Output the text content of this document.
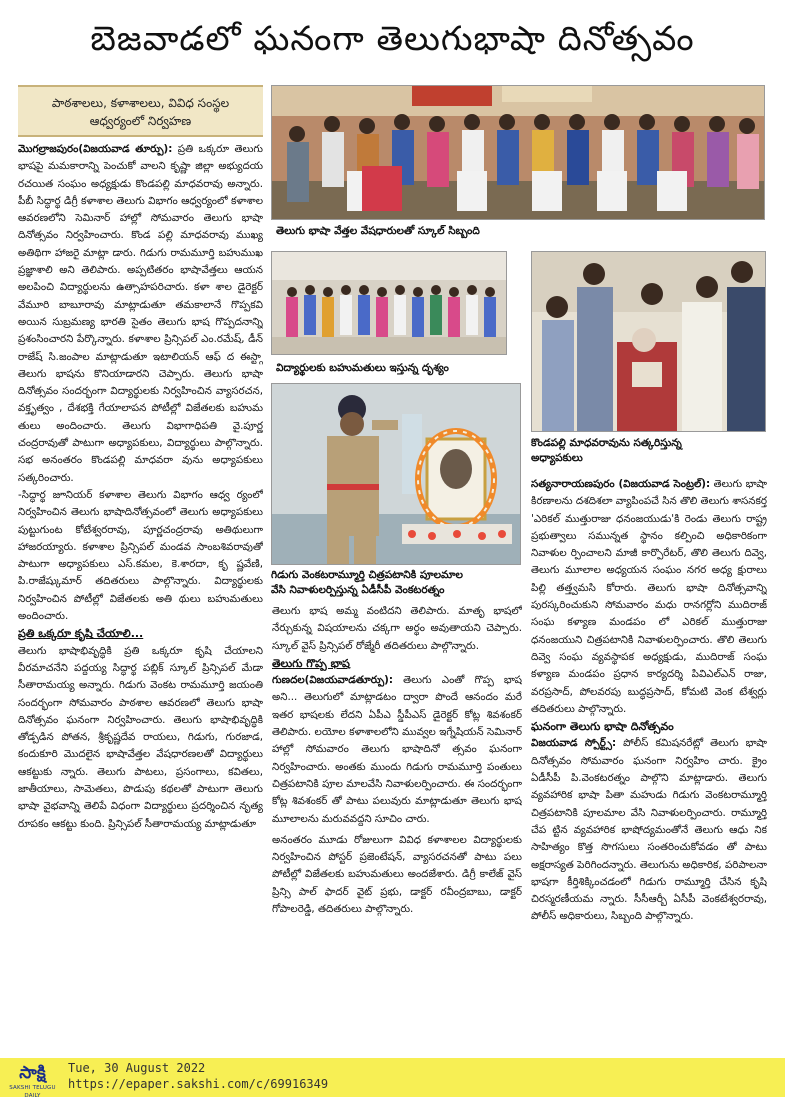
బెజవాడలో ఘనంగా తెలుగుభాషా దినోత్సవం
పాఠశాలలు, కళాశాలలు, వివిధ సంస్థల
ఆధ్వర్యంలో నిర్వహణ

మొగల్రాజపురం(విజయవాడ తూర్పు): ప్రతి ఒక్కరూ తెలుగు భాషపై మమకారాన్ని పెంచుకో వాలని కృష్ణా జిల్లా అభ్యుదయ రచయిత సంఘం అధ్యక్షుడు కొండపల్లి మాధవరావు అన్నారు. పీబీ సిద్ధార్థ డిగ్రీ కళాశాల తెలుగు విభాగం ఆధ్వర్యంలో కళాశాల ఆవరణలోని సెమినార్ హాల్లో సోమవారం తెలుగు భాషా దినోత్సవం నిర్వహించారు. కొండ పల్లి మాధవరావు ముఖ్య అతిథిగా హాజరై మాట్లా డారు. గిడుగు రామమూర్తి బహుముఖ ప్రజ్ఞాశాలి అని తెలిపారు. అప్పటితరం భాషావేత్తలు ఆయన అలపించి విద్యార్థులను ఉత్సాహపరిచారు. కళా శాల డైరెక్టర్ వేమూరి బాబూరావు మాట్లాడుతూ తమకాలానే గొప్పకవి అయిన సుబ్రమణ్య భారతి సైతం తెలుగు భాష గొప్పదనాన్ని ప్రశంసించారని పేర్కొన్నారు. కళాశాల ప్రిన్సిపల్ ఎం.రమేష్, డీన్ రాజేష్ సి.జంపాల మాట్లాడుతూ ఇటాలియన్ ఆఫ్ ద ఈస్ట్గా తెలుగు భాషను కొనియాడారని చెప్పారు. తెలుగు భాషా దినోత్సవం సందర్భంగా విద్యార్థులకు నిర్వహించిన వ్యాసరచన, వక్తృత్వం , దేశభక్తి గేయాలాపన పోటీల్లో విజేతలకు బహుమ తులు అందించారు. తెలుగు విభాగాధిపతి వై.పూర్ణ చంద్రరావుతో పాటుగా అధ్యాపకులు, విద్యార్థులు పాల్గొన్నారు. సభ అనంతరం కొండపల్లి మాధవరా వును అధ్యాపకులు సత్కరించారు.

-సిద్ధార్థ జూనియర్ కళాశాల తెలుగు విభాగం ఆధ్వ ర్యంలో నిర్వహించిన తెలుగు భాషాదినోత్సవంలో తెలుగు అధ్యాపకులు పుట్టుగుంట కోటేశ్వరరావు, పూర్ణచంద్రరావు అతిథులుగా హాజరయ్యారు. కళాశాల ప్రిన్సిపల్ మండవ సాంబశివరావుతో పాటుగా అధ్యాపకులు ఎస్.కమల, కె.శారదా, కృ ష్ణవేణి, పి.రాజేష్కుమార్ తదితరులు పాల్గొన్నారు. విద్యార్థులకు నిర్వహించిన పోటీల్లో విజేతలకు అతి థులు బహుమతులు అందించారు.

ప్రతి ఒక్కరూ కృషి చేయాలి...

తెలుగు భాషాభివృద్ధికి ప్రతి ఒక్కరూ కృషి చేయాలని వీరమాచనేని పద్దయ్య సిద్ధార్థ పబ్లిక్ స్కూల్ ప్రిన్సిపల్ మేడా సీతారామయ్య అన్నారు. గిడుగు వెంకట రామమూర్తి జయంతి సందర్భంగా సోమవారం పాఠశాల ఆవరణలో తెలుగు భాషా దినోత్సవం ఘనంగా నిర్వహించారు. తెలుగు భాషాభివృద్ధికి తోడ్పడిన పోతన, శ్రీకృష్ణదేవ రాయలు, గిడుగు, గురజాడ, కందుకూరి మొదలైన భాషావేత్తల వేషధారణలతో విద్యార్థులు ఆకట్టుకు న్నారు. తెలుగు పాటలు, ప్రసంగాలు, కవితలు, జాతీయాలు, సామెతలు, పొడుపు కథలతో పాటుగా తెలుగు భాషా వైభవాన్ని తెలిపే విధంగా విద్యార్థులు ప్రదర్శించిన నృత్య రూపకం ఆకట్టు కుంది. ప్రిన్సిపల్ సీతారామయ్య మాట్లాడుతూ

తెలుగు భాషా వేత్తల వేషధారులతో స్కూల్ సిబ్బంది
విద్యార్థులకు బహుమతులు ఇస్తున్న దృశ్యం
కొండపల్లి మాధవరావును సత్కరిస్తున్న
అధ్యాపకులు
గిడుగు వెంకటరామ్మూర్తి చిత్రపటానికి పూలమాల
వేసి నివాళులర్పిస్తున్న ఏడీసీపీ వెంకటరత్నం

తెలుగు భాష అమ్మ వంటిదని తెలిపారు. మాతృ భాషలో నేర్చుకున్న విషయాలను చక్కగా అర్థం అవుతాయని చెప్పారు. స్కూల్ వైస్ ప్రిన్సిపల్ రోజ్మేరీ తదితరులు పాల్గొన్నారు.

తెలుగు గొప్ప భాష

గుణదల(విజయవాడతూర్పు): తెలుగు ఎంతో గొప్ప భాష అని... తెలుగులో మాట్లాడటం ద్వారా పొందే ఆనందం మరే ఇతర భాషలకు లేదని ఏపీఎ స్డీపీఎస్ డైరెక్టర్ కోట్ల శివశంకర్ తెలిపారు. లయోల కళాశాలలోని మువ్వల ఇగ్నేషియన్ సెమినార్ హాల్లో సోమవారం తెలుగు భాషాదినో త్సవం ఘనంగా నిర్వహించారు. అంతకు ముందు గిడుగు రామమూర్తి పంతులు చిత్రపటానికి పూల మాలవేసి నివాళులర్పించారు. ఈ సందర్భంగా కోట్ల శివశంకర్ తో పాటు పలువురు మాట్లాడుతూ తెలుగు భాష మూలాలను మరువవద్దని సూచిం చారు.

అనంతరం మూడు రోజులుగా వివిధ కళాశాలల విద్యార్థులకు నిర్వహించిన పోస్టర్ ప్రజెంటేషన్, వ్యాసరచనతో పాటు పలు పోటీల్లో విజేతలకు బహుమతులు అందజేశారు. డిగ్రీ కాలేజ్ వైస్ ప్రిన్సి పాల్ ఫాదర్ వైట్ ప్రభు, డాక్టర్ రవీంద్రబాబు, డాక్టర్ గోపాలరెడ్డి, తదితరులు పాల్గొన్నారు.

సత్యనారాయణపురం (విజయవాడ సెంట్రల్): తెలుగు భాషా కిరణాలను దశదిశలా వ్యాపింపచే సిన తొలి తెలుగు శాసనకర్త 'ఎరికల్ ముత్తురాజు ధనంజయుడు'కి రెండు తెలుగు రాష్ట్ర ప్రభుత్వాలు సమున్నత స్థానం కల్పించి అధికారికంగా నివాళుల ర్పించాలని మాజీ కార్పొరేటర్, తొలి తెలుగు దివ్వె, తెలుగు మూలాల అధ్యయన సంఘం నగర అధ్య క్షురాలు పిల్లి తత్త్వమసి కోరారు. తెలుగు భాషా దినోత్సవాన్ని పురస్కరించుకుని సోమవారం మధు రానగర్లోని ముదిరాజ్ సంఘ కళ్యాణ మండపం లో ఎరికల్ ముత్తురాజు ధనంజయుని చిత్రపటానికి నివాళులర్పించారు. తొలి తెలుగు దివ్వె సంఘ వ్యవస్థాపక అధ్యక్షుడు, ముదిరాజ్ సంఘ కళ్యాణ మండపం ప్రధాన కార్యదర్శి పివిఎల్ఎన్ రాజు, వరప్రసాద్, పోలవరపు బుద్ధప్రసాద్, కోమటి వెంక టేశ్వర్లు తదితరులు పాల్గొన్నారు.

ఘనంగా తెలుగు భాషా దినోత్సవం

విజయవాడ స్పోర్ట్స్: పోలీస్ కమిషనరేట్లో తెలుగు భాషా దినోత్సవం సోమవారం ఘనంగా నిర్వహిం చారు. క్రైం ఏడీసీపీ పి.వెంకటరత్నం పాల్గొని మాట్లాడారు. తెలుగు వ్యవహారిక భాషా పితా మహుడు గిడుగు వెంకటరామ్మూర్తి చిత్రపటానికి పూలమాల వేసి నివాళులర్పించారు. రామ్మూర్తి చేప ట్టిన వ్యవహారిక భాషోద్యమంతోనే తెలుగు ఆధు నిక సాహిత్యం కొత్త సొగసులు సంతరించుకోవడం తో పాటు అక్షరాస్యత పెరిగిందన్నారు. తెలుగును అధికారిక, పరిపాలనా భాషగా కీర్తిశిక్కించడంలో గిడుగు రామ్మూర్తి చేసిన కృషి చిరస్మరణీయమ న్నారు. సీసీఆర్బీ ఏసీపీ వెంకటేశ్వరరావు, పోలీస్ అధికారులు, సిబ్బంది పాల్గొన్నారు.

సాక్షి
SAKSHI TELUGU DAILY
Tue, 30 August 2022
https://epaper.sakshi.com/c/69916349
